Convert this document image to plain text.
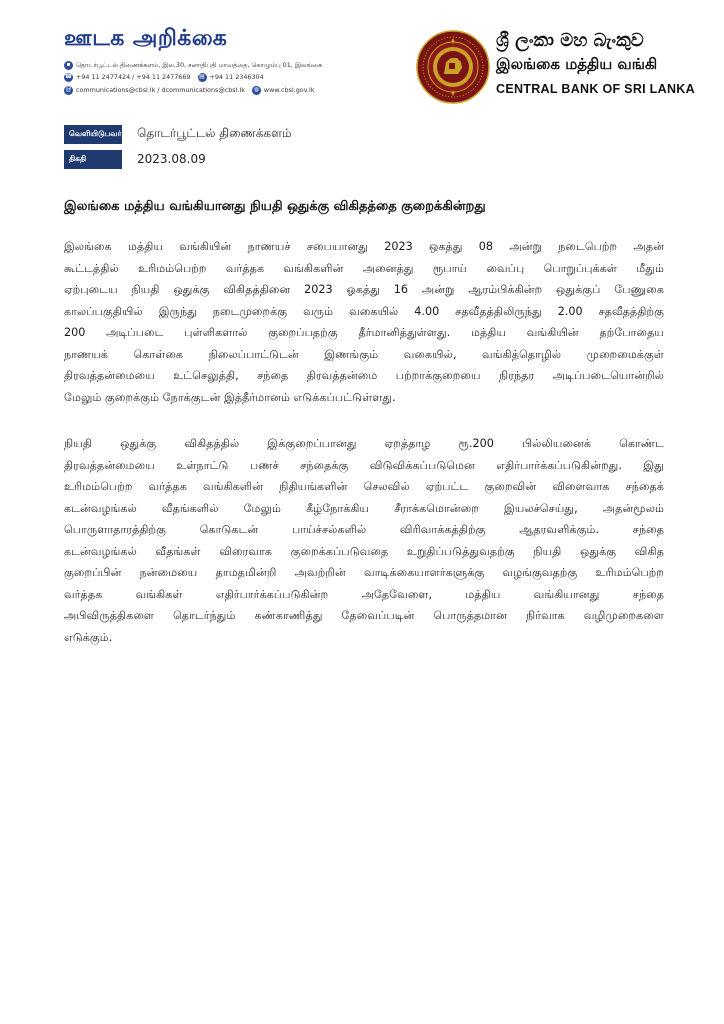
ஊடக அறிக்கை
▪ தொடர்பூட்டல் திணைக்களம், இல.30, சனாதிபதி மாவத்தை, கொழும்பு 01, இலங்கை
☎ +94 11 2477424 / +94 11 2477669 ▤ +94 11 2346304
@ communications@cbsl.lk / dcommunications@cbsl.lk	◍ www.cbsl.gov.lk
ශ්‍රී ලංකා මහ බැංකුව
இலங்கை மத்திய வங்கி
CENTRAL BANK OF SRI LANKA
வெளியிடுபவர் தொடர்பூட்டல் திணைக்களம்
திகதி	2023.08.09
இலங்கை மத்திய வங்கியானது நியதி ஒதுக்கு விகிதத்தை குறைக்கின்றது
இலங்கை மத்திய வங்கியின் நாணயச் சபையானது 2023 ஒகத்து 08 அன்று நடைபெற்ற அதன்
கூட்டத்தில் உரிமம்பெற்ற வர்த்தக வங்கிகளின் அனைத்து ரூபாய் வைப்பு பொறுப்புக்கள் மீதும்
ஏற்புடைய நியதி ஒதுக்கு விகிதத்தினை 2023 ஓகத்து 16 அன்று ஆரம்பிக்கின்ற ஒதுக்குப் பேணுகை
காலப்பகுதியில் இருந்து நடைமுறைக்கு வரும் வகையில் 4.00 சதவீதத்திலிருந்து 2.00 சதவீதத்திற்கு
200 அடிப்படை புள்ளிகளால் குறைப்பதற்கு தீர்மானித்துள்ளது. மத்திய வங்கியின் தற்போதைய
நாணயக் கொள்கை நிலைப்பாட்டுடன் இணங்கும் வகையில், வங்கித்தொழில் முறைமைக்குள்
திரவத்தன்மையை உட்செலுத்தி, சந்தை திரவத்தன்மை பற்றாக்குறையை நிரந்தர அடிப்படையொன்றில்
மேலும் குறைக்கும் நோக்குடன் இத்தீர்மானம் எடுக்கப்பட்டுள்ளது.
நியதி ஒதுக்கு விகிதத்தில் இக்குறைப்பானது ஏறத்தாழ ரூ.200 பில்லியனைக் கொண்ட
திரவத்தன்மையை உள்நாட்டு பணச் சந்தைக்கு விடுவிக்கப்படுமென எதிர்பார்க்கப்படுகின்றது. இது
உரிமம்பெற்ற வர்த்தக வங்கிகளின் நிதியங்களின் செலவில் ஏற்பட்ட குறைவின் விளைவாக சந்தைக்
கடன்வழங்கல் வீதங்களில் மேலும் கீழ்நோக்கிய சீராக்கமொன்றை இயலச்செய்து, அதன்மூலம்
பொருளாதாரத்திற்கு கொடுகடன் பாய்ச்சல்களில் விரிவாக்கத்திற்கு ஆதரவளிக்கும். சந்தை
கடன்வழங்கல் வீதங்கள் விரைவாக குறைக்கப்படுவதை உறுதிப்படுத்துவதற்கு நியதி ஒதுக்கு விகித
குறைப்பின் நன்மையை தாமதமின்றி அவற்றின் வாடிக்கையாளர்களுக்கு வழங்குவதற்கு உரிமம்பெற்ற
வர்த்தக வங்கிகள் எதிர்பார்க்கப்படுகின்ற அதேவேளை, மத்திய வங்கியானது சந்தை
அபிவிருத்திகளை தொடர்ந்தும் கண்காணித்து தேவைப்படின் பொருத்தமான நிர்வாக வழிமுறைகளை
எடுக்கும்.
